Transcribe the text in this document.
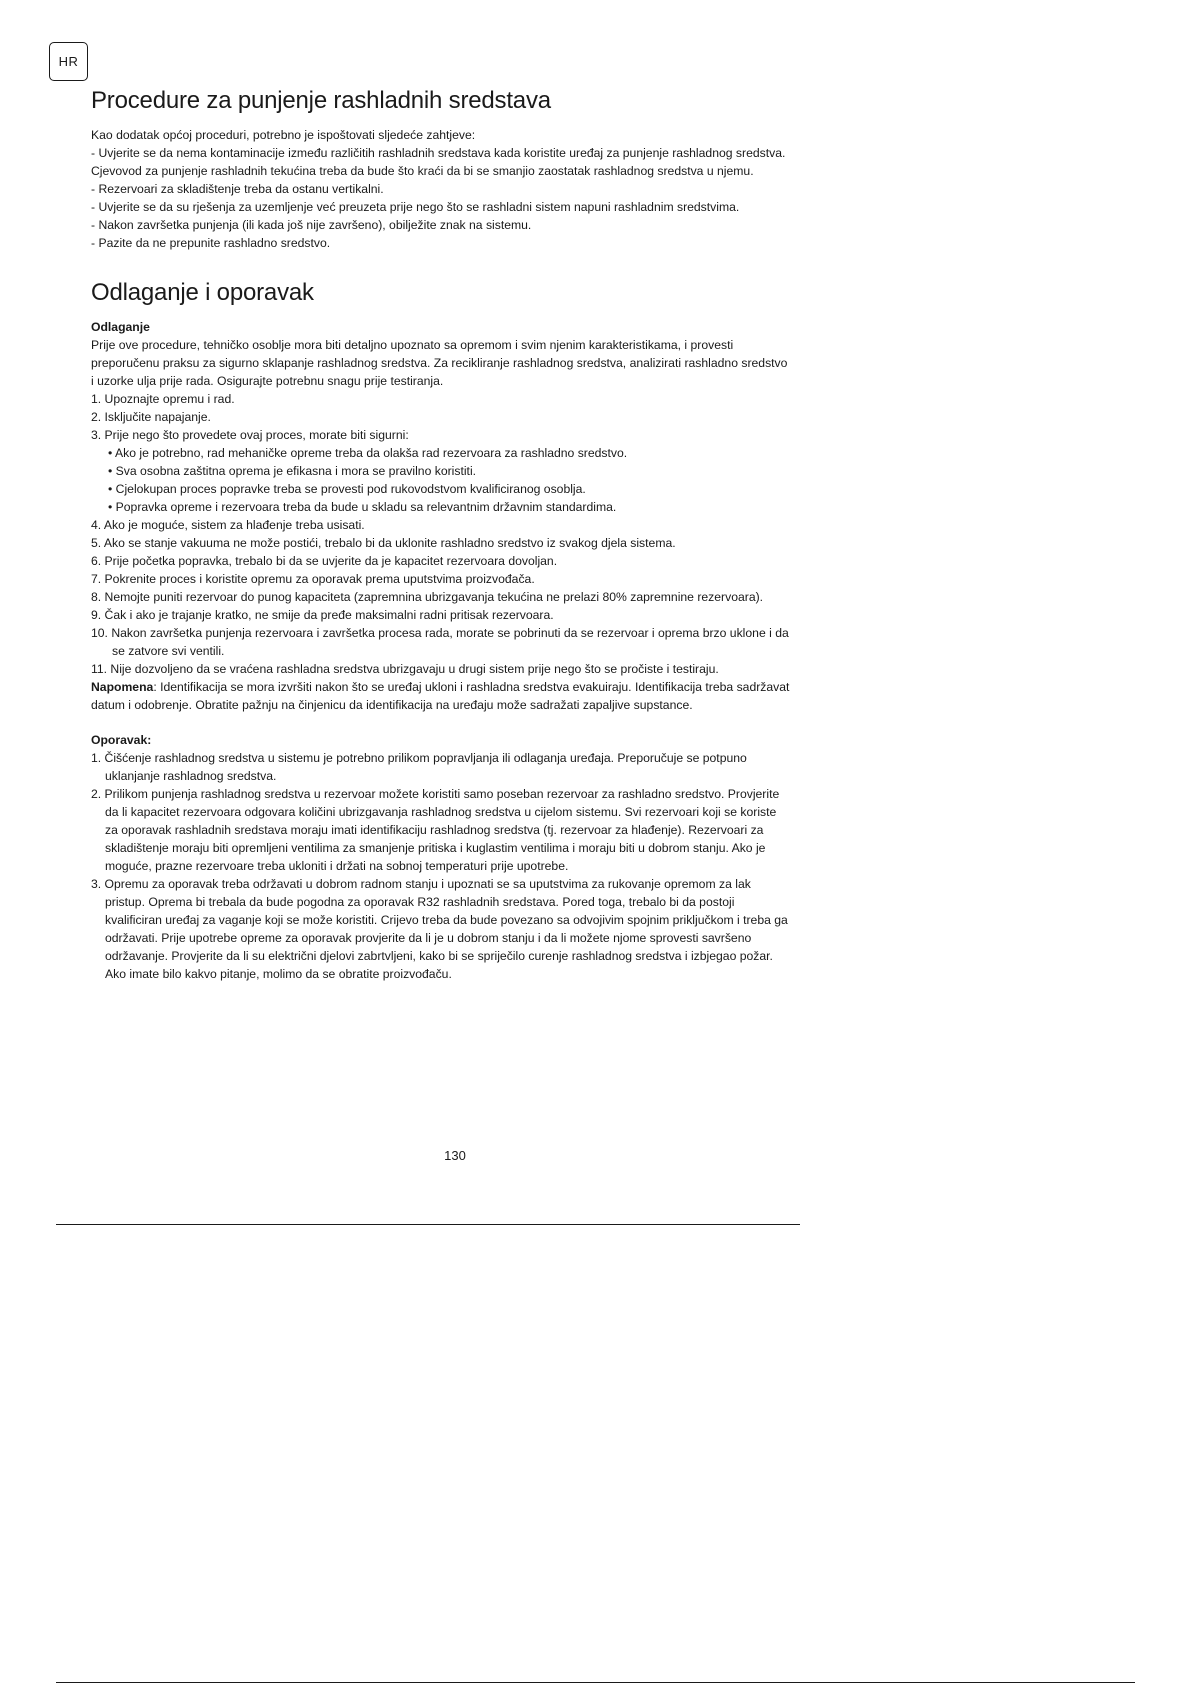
HR
Procedure za punjenje rashladnih sredstava

Kao dodatak općoj proceduri, potrebno je ispoštovati sljedeće zahtjeve:

- Uvjerite se da nema kontaminacije između različitih rashladnih sredstava kada koristite uređaj za punjenje rashladnog sredstva. Cjevovod za punjenje rashladnih tekućina treba da bude što kraći da bi se smanjio zaostatak rashladnog sredstva u njemu.
- Rezervoari za skladištenje treba da ostanu vertikalni.
- Uvjerite se da su rješenja za uzemljenje već preuzeta prije nego što se rashladni sistem napuni rashladnim sredstvima.
- Nakon završetka punjenja (ili kada još nije završeno), obilježite znak na sistemu.
- Pazite da ne prepunite rashladno sredstvo.
Odlaganje i oporavak

Odlaganje

Prije ove procedure, tehničko osoblje mora biti detaljno upoznato sa opremom i svim njenim karakteristikama, i provesti preporučenu praksu za sigurno sklapanje rashladnog sredstva. Za recikliranje rashladnog sredstva, analizirati rashladno sredstvo i uzorke ulja prije rada. Osigurajte potrebnu snagu prije testiranja.

1. Upoznajte opremu i rad.
2. Isključite napajanje.
3. Prije nego što provedete ovaj proces, morate biti sigurni:
• Ako je potrebno, rad mehaničke opreme treba da olakša rad rezervoara za rashladno sredstvo.
• Sva osobna zaštitna oprema je efikasna i mora se pravilno koristiti.
• Cjelokupan proces popravke treba se provesti pod rukovodstvom kvalificiranog osoblja.
• Popravka opreme i rezervoara treba da bude u skladu sa relevantnim državnim standardima.
4. Ako je moguće, sistem za hlađenje treba usisati.
5. Ako se stanje vakuuma ne može postići, trebalo bi da uklonite rashladno sredstvo iz svakog djela sistema.
6. Prije početka popravka, trebalo bi da se uvjerite da je kapacitet rezervoara dovoljan.
7. Pokrenite proces i koristite opremu za oporavak prema uputstvima proizvođača.
8. Nemojte puniti rezervoar do punog kapaciteta (zapremnina ubrizgavanja tekućina ne prelazi 80% zapremnine rezervoara).
9. Čak i ako je trajanje kratko, ne smije da pređe maksimalni radni pritisak rezervoara.
10. Nakon završetka punjenja rezervoara i završetka procesa rada, morate se pobrinuti da se rezervoar i oprema brzo uklone i da se zatvore svi ventili.
11. Nije dozvoljeno da se vraćena rashladna sredstva ubrizgavaju u drugi sistem prije nego što se pročiste i testiraju.

Napomena: Identifikacija se mora izvršiti nakon što se uređaj ukloni i rashladna sredstva evakuiraju. Identifikacija treba sadržavat datum i odobrenje. Obratite pažnju na činjenicu da identifikacija na uređaju može sadražati zapaljive supstance.

Oporavak:

1. Čišćenje rashladnog sredstva u sistemu je potrebno prilikom popravljanja ili odlaganja uređaja. Preporučuje se potpuno uklanjanje rashladnog sredstva.
2. Prilikom punjenja rashladnog sredstva u rezervoar možete koristiti samo poseban rezervoar za rashladno sredstvo. Provjerite da li kapacitet rezervoara odgovara količini ubrizgavanja rashladnog sredstva u cijelom sistemu. Svi rezervoari koji se koriste za oporavak rashladnih sredstava moraju imati identifikaciju rashladnog sredstva (tj. rezervoar za hlađenje). Rezervoari za skladištenje moraju biti opremljeni ventilima za smanjenje pritiska i kuglastim ventilima i moraju biti u dobrom stanju. Ako je moguće, prazne rezervoare treba ukloniti i držati na sobnoj temperaturi prije upotrebe.
3. Opremu za oporavak treba održavati u dobrom radnom stanju i upoznati se sa uputstvima za rukovanje opremom za lak pristup. Oprema bi trebala da bude pogodna za oporavak R32 rashladnih sredstava. Pored toga, trebalo bi da postoji kvalificiran uređaj za vaganje koji se može koristiti. Crijevo treba da bude povezano sa odvojivim spojnim priključkom i treba ga održavati. Prije upotrebe opreme za oporavak provjerite da li je u dobrom stanju i da li možete njome sprovesti savršeno održavanje. Provjerite da li su električni djelovi zabrtvljeni, kako bi se spriječilo curenje rashladnog sredstva i izbjegao požar. Ako imate bilo kakvo pitanje, molimo da se obratite proizvođaču.
130
